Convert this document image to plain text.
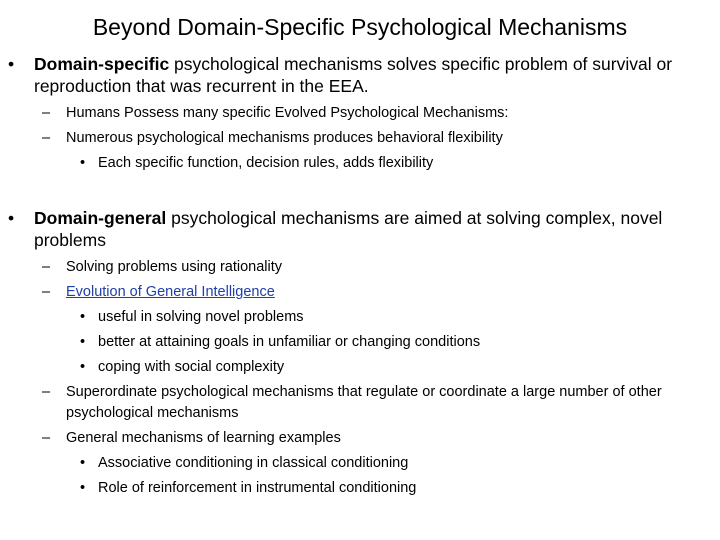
Beyond Domain-Specific Psychological Mechanisms
• Domain-specific psychological mechanisms solves specific problem of survival or reproduction that was recurrent in the EEA.
– Humans Possess many specific Evolved Psychological Mechanisms:
– Numerous psychological mechanisms produces behavioral flexibility
• Each specific function, decision rules, adds flexibility
• Domain-general psychological mechanisms are aimed at solving complex, novel problems
– Solving problems using rationality
– Evolution of General Intelligence
• useful in solving novel problems
• better at attaining goals in unfamiliar or changing conditions
• coping with social complexity
– Superordinate psychological mechanisms that regulate or coordinate a large number of other psychological mechanisms
– General mechanisms of learning examples
• Associative conditioning in classical conditioning
• Role of reinforcement in instrumental conditioning
